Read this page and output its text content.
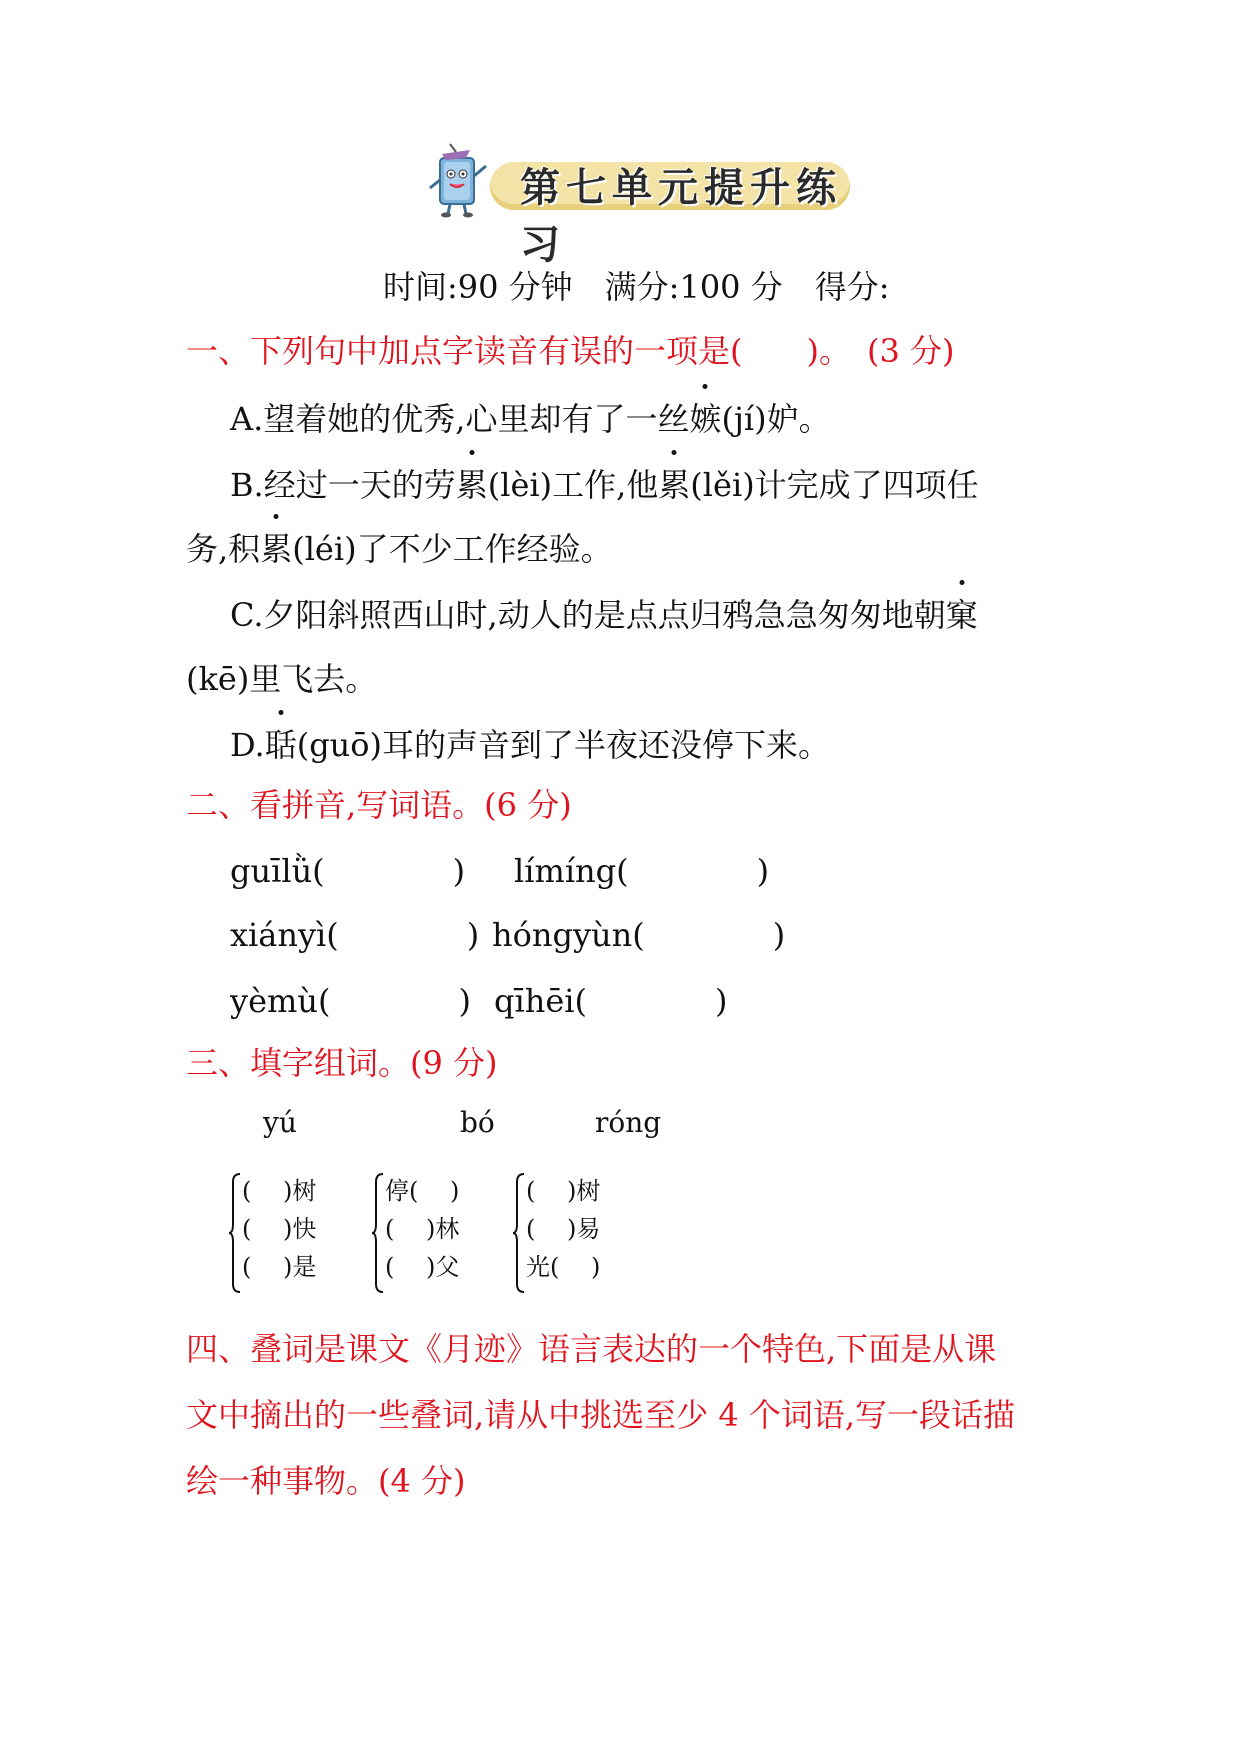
第七单元提升练习
时间:90 分钟　满分:100 分　得分:
一、下列句中加点字读音有误的一项是(　　)。　(3 分)
A.望着她的优秀,心里却有了一丝嫉(jí)妒。
B.经过一天的劳累(lèi)工作,他累(lěi)计完成了四项任
务,积累(léi)了不少工作经验。
C.夕阳斜照西山时,动人的是点点归鸦急急匆匆地朝窠
(kē)里飞去。
D.聒(guō)耳的声音到了半夜还没停下来。
二、看拼音,写词语。(6 分)
guīlǜ(　　　　) límíng(　　　　)
xiányì(　　　　) hóngyùn(　　　　)
yèmù(　　　　) qīhēi(　　　　)
三、填字组词。(9 分)
yú	bó	róng
(　 )树
(　 )快
(　 )是
停(　 )
(　 )林
(　 )父
(　 )树
(　 )易
光(　 )
四、叠词是课文《月迹》语言表达的一个特色,下面是从课
文中摘出的一些叠词,请从中挑选至少 4 个词语,写一段话描
绘一种事物。(4 分)
